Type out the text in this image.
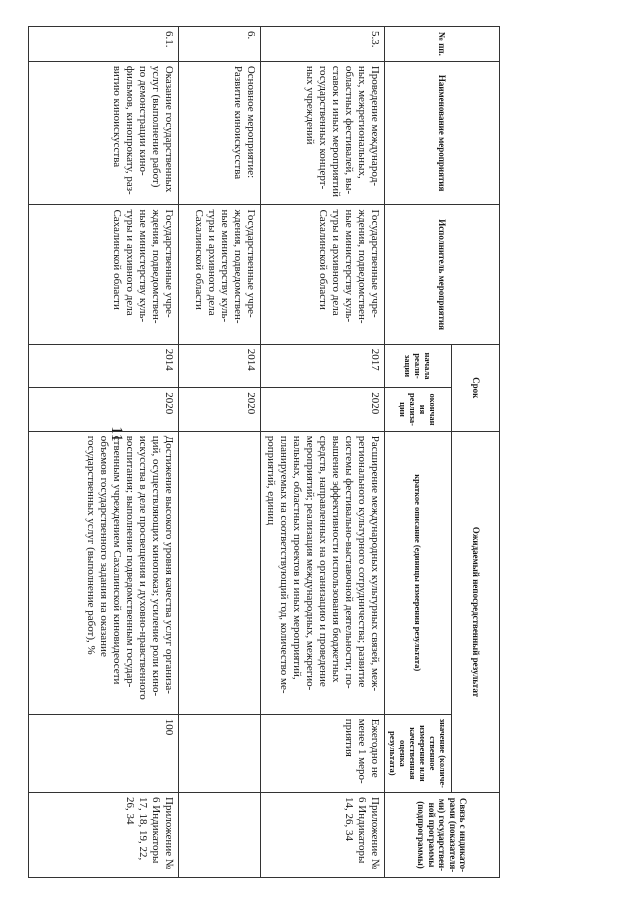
11
№ пп.	Наименование мероприятия	Исполнитель мероприятия	Срок		Ожидаемый непосредственный результат		Связь с индикато-рами (показателя-ми) государствен-ной программы (подпрограммы)
			начала реали-зации	окончания реализа-ции	краткое описание (единицы измерения результата)	значение (количе-ственное измерение или качественная оценка результата)	
5.3.	Проведение междунарoд-ных, межрегиональных, областных фестивалей, вы-ставок и иных мероприятий государственных концерт-ных учреждений	Государственные учре-ждения, подведомствен-ные министерству куль-туры и архивного дела Сахалинской области	2017	2020	Расширение международных культурных связей, меж-регионального культурного сотрудничества; развитие системы фестивально-выставочной деятельности; по-вышение эффективности использования бюджетных средств, направленных на организацию и проведение мероприятий; реализация международных, межрегио-нальных, областных проектов и иных мероприятий, планируемых на соответствующий год, количество ме-роприятий, единиц	Ежегодно не менее 1 меро-приятия	Приложение № 6 Индикаторы 14, 26, 34
6.	Основное мероприятие: Развитие киноискусства	Государственные учре-ждения, подведомствен-ные министерству куль-туры и архивного дела Сахалинской области	2014	2020			
6.1.	Оказание государственных услуг (выполнение работ) по демонстрации кино-фильмов, кинопрокату, раз-витию киноискусства	Государственные учре-ждения, подведомствен-ные министерству куль-туры и архивного дела Сахалинской области	2014	2020	Достижение высокого уровня качества услуг организа-ций, осуществляющих кинопоказ; усиление роли кино-искусства в деле просвещения и духовно-нравственного воспитания; выполнение подведомственным государ-ственным учреждением Сахалинской киновидеосети объемов государственного задания на оказание государственных услуг (выполнение работ), %	100	Приложение № 6 Индикаторы 17, 18, 19, 22, 26, 34
